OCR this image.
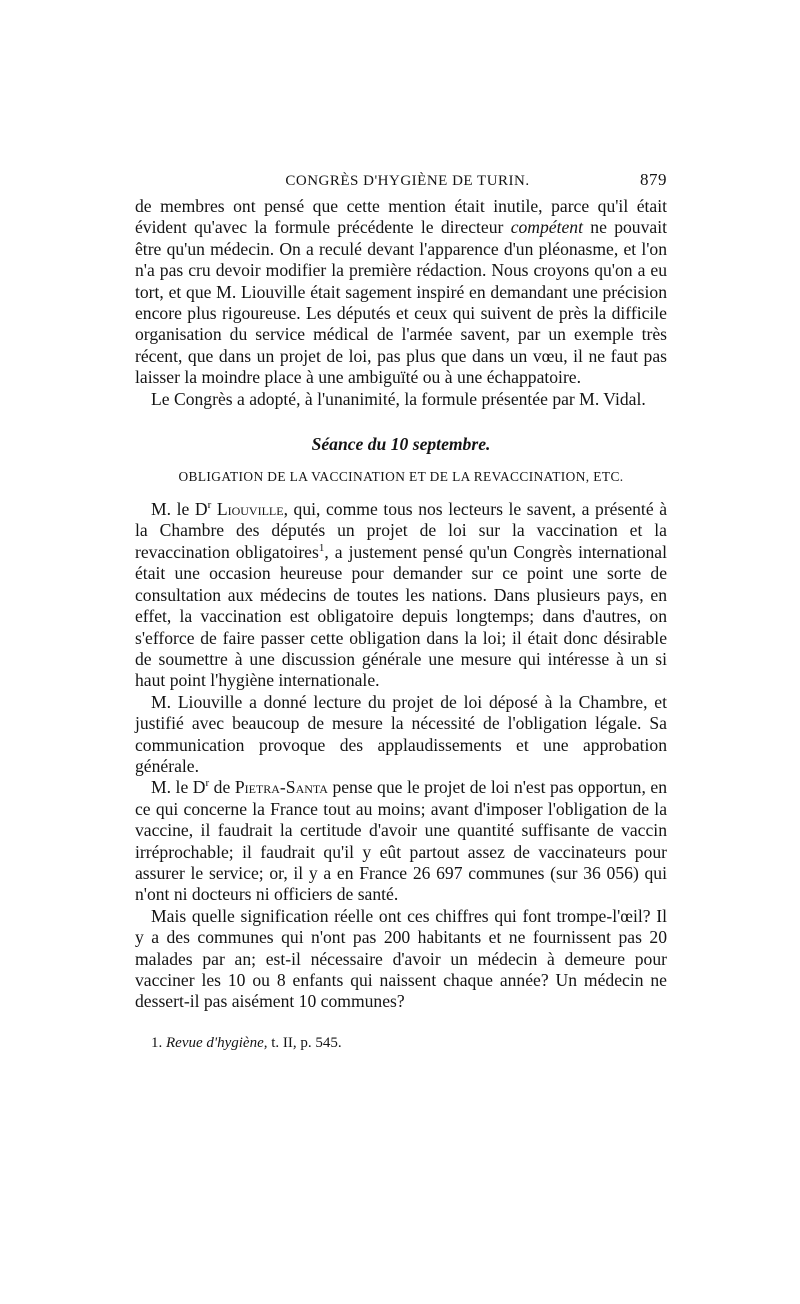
CONGRÈS D'HYGIÈNE DE TURIN.	879

de membres ont pensé que cette mention était inutile, parce qu'il était évident qu'avec la formule précédente le directeur compétent ne pouvait être qu'un médecin. On a reculé devant l'apparence d'un pléonasme, et l'on n'a pas cru devoir modifier la première rédaction. Nous croyons qu'on a eu tort, et que M. Liouville était sagement inspiré en demandant une précision encore plus rigoureuse. Les députés et ceux qui suivent de près la difficile organisation du service médical de l'armée savent, par un exemple très récent, que dans un projet de loi, pas plus que dans un vœu, il ne faut pas laisser la moindre place à une ambiguïté ou à une échappatoire.

Le Congrès a adopté, à l'unanimité, la formule présentée par M. Vidal.

Séance du 10 septembre.
OBLIGATION DE LA VACCINATION ET DE LA REVACCINATION, ETC.

M. le $D^r$ Liouville, qui, comme tous nos lecteurs le savent, a présenté à la Chambre des députés un projet de loi sur la vaccination et la revaccination obligatoires$^1$, a justement pensé qu'un Congrès international était une occasion heureuse pour demander sur ce point une sorte de consultation aux médecins de toutes les nations. Dans plusieurs pays, en effet, la vaccination est obligatoire depuis longtemps; dans d'autres, on s'efforce de faire passer cette obligation dans la loi; il était donc désirable de soumettre à une discussion générale une mesure qui intéresse à un si haut point l'hygiène internationale.

M. Liouville a donné lecture du projet de loi déposé à la Chambre, et justifié avec beaucoup de mesure la nécessité de l'obligation légale. Sa communication provoque des applaudissements et une approbation générale.

M. le $D^r$ de Pietra-Santa pense que le projet de loi n'est pas opportun, en ce qui concerne la France tout au moins; avant d'imposer l'obligation de la vaccine, il faudrait la certitude d'avoir une quantité suffisante de vaccin irréprochable; il faudrait qu'il y eût partout assez de vaccinateurs pour assurer le service; or, il y a en France 26 697 communes (sur 36 056) qui n'ont ni docteurs ni officiers de santé.

Mais quelle signification réelle ont ces chiffres qui font trompe-l'œil? Il y a des communes qui n'ont pas 200 habitants et ne fournissent pas 20 malades par an; est-il nécessaire d'avoir un médecin à demeure pour vacciner les 10 ou 8 enfants qui naissent chaque année? Un médecin ne dessert-il pas aisément 10 communes?

1. Revue d'hygiène, t. II, p. 545.
